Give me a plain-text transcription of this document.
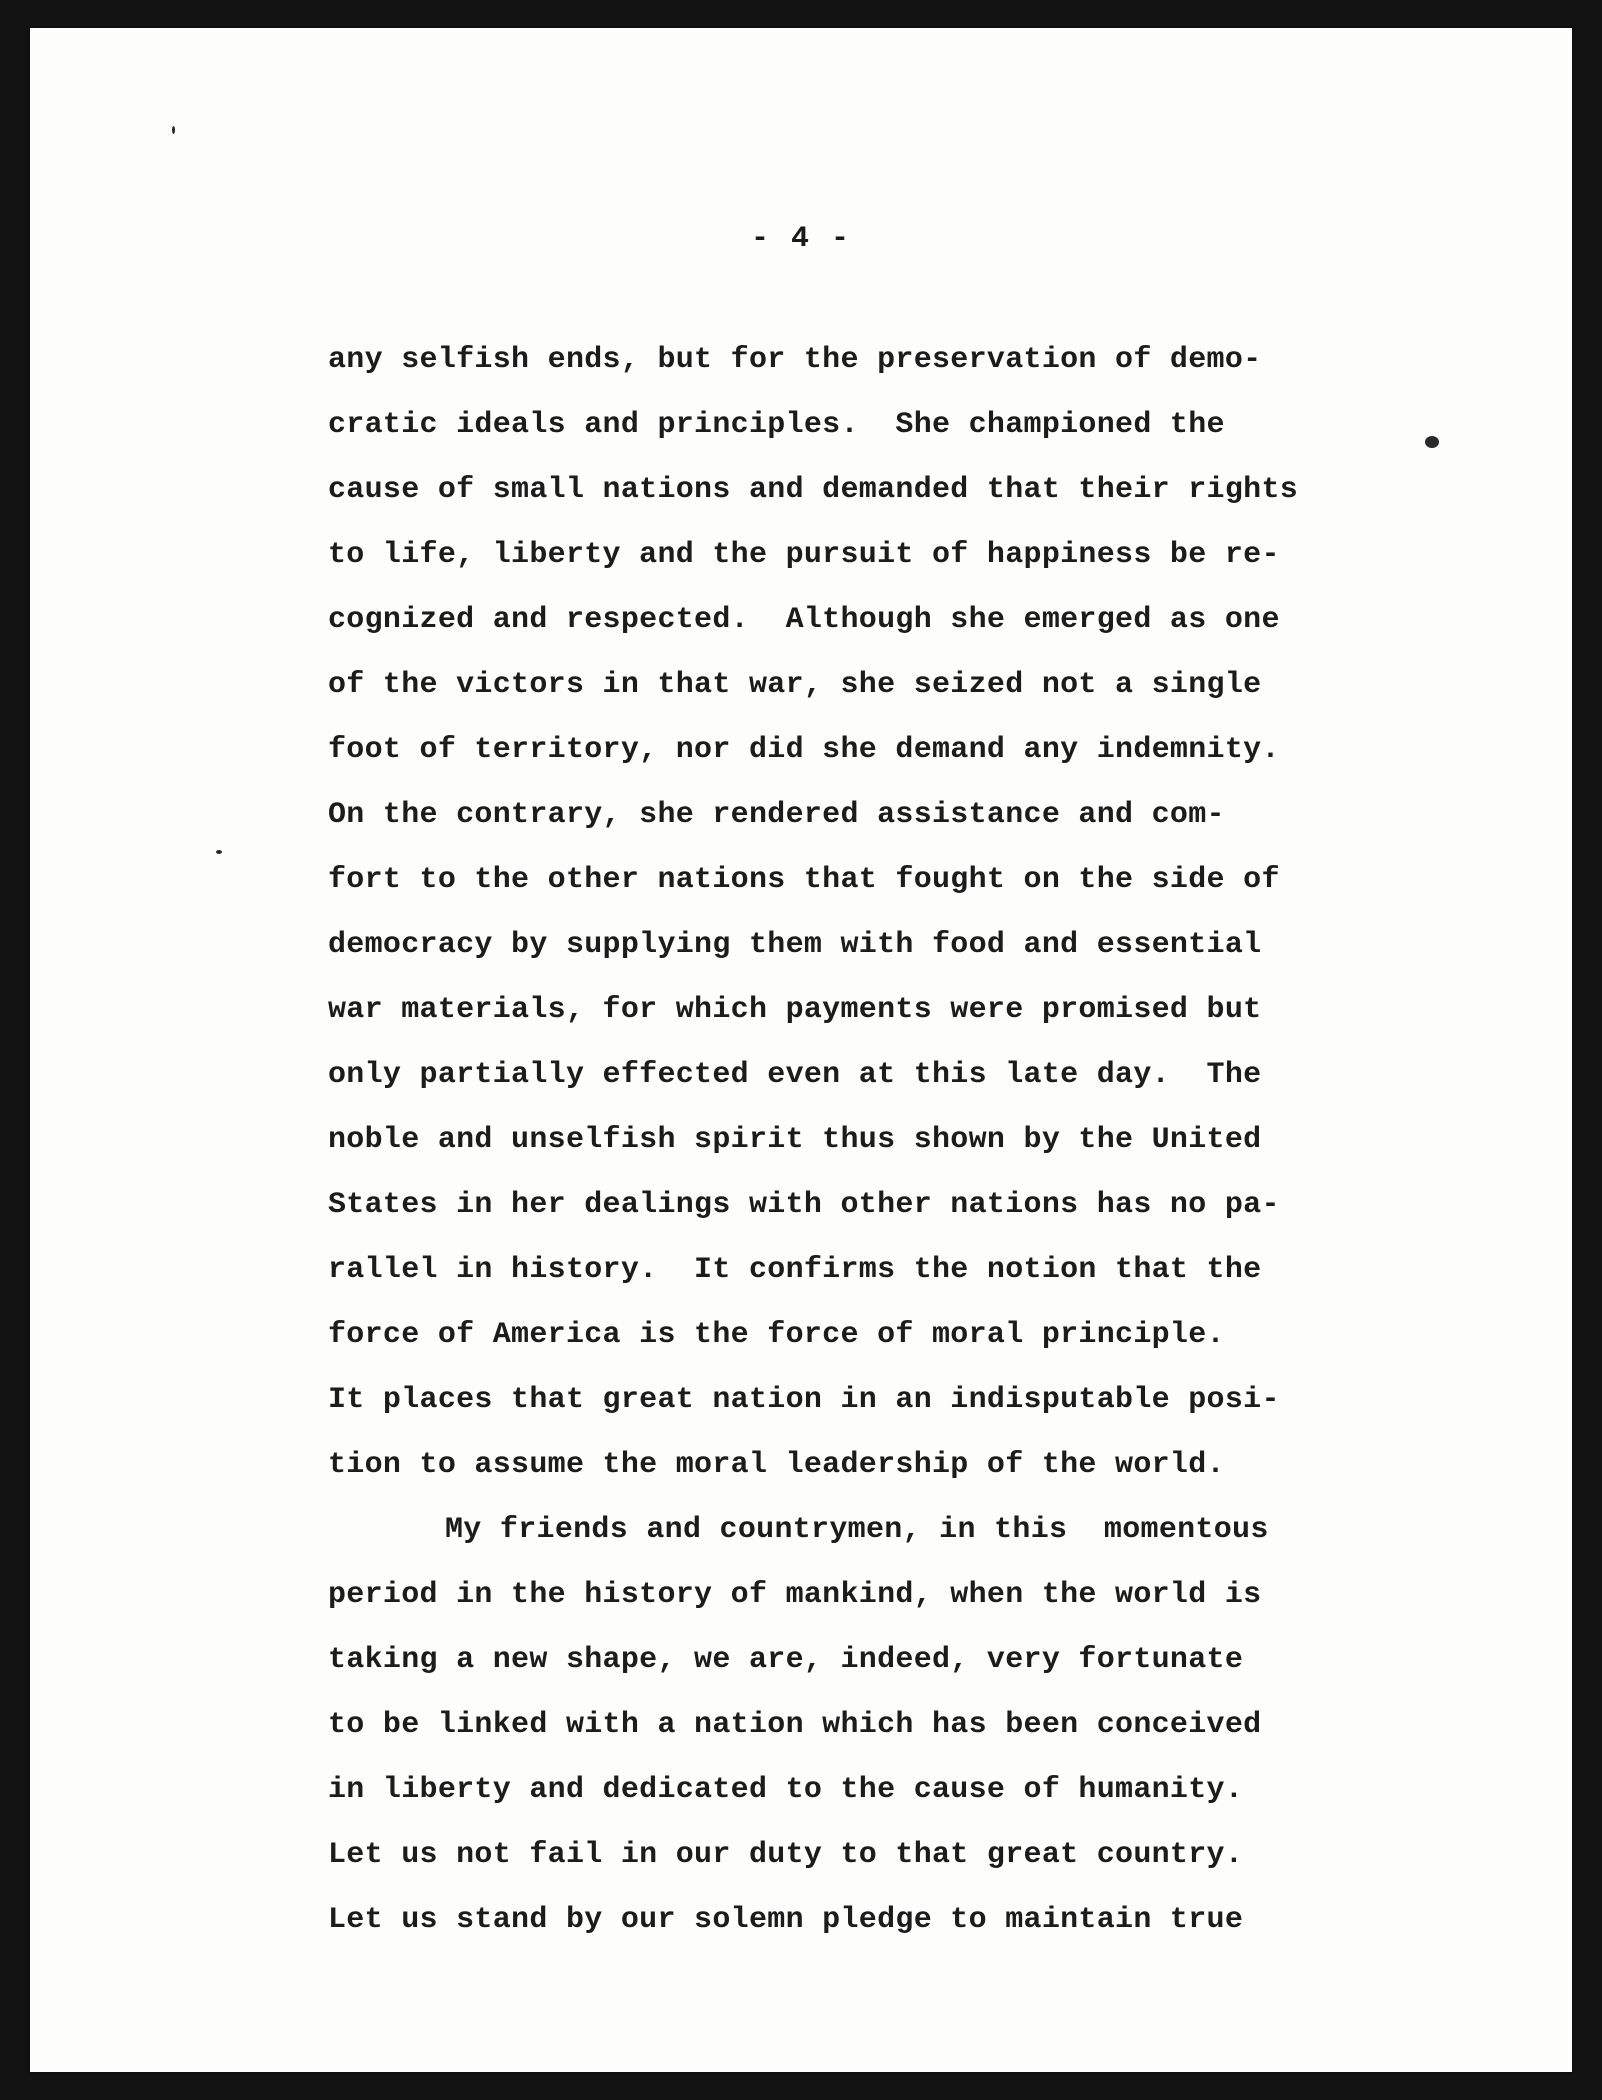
- 4 -
any selfish ends, but for the preservation of demo-
cratic ideals and principles.  She championed the
cause of small nations and demanded that their rights
to life, liberty and the pursuit of happiness be re-
cognized and respected.  Although she emerged as one
of the victors in that war, she seized not a single
foot of territory, nor did she demand any indemnity.
On the contrary, she rendered assistance and com-
fort to the other nations that fought on the side of
democracy by supplying them with food and essential
war materials, for which payments were promised but
only partially effected even at this late day.  The
noble and unselfish spirit thus shown by the United
States in her dealings with other nations has no pa-
rallel in history.  It confirms the notion that the
force of America is the force of moral principle.
It places that great nation in an indisputable posi-
tion to assume the moral leadership of the world.
My friends and countrymen, in this  momentous
period in the history of mankind, when the world is
taking a new shape, we are, indeed, very fortunate
to be linked with a nation which has been conceived
in liberty and dedicated to the cause of humanity.
Let us not fail in our duty to that great country.
Let us stand by our solemn pledge to maintain true
